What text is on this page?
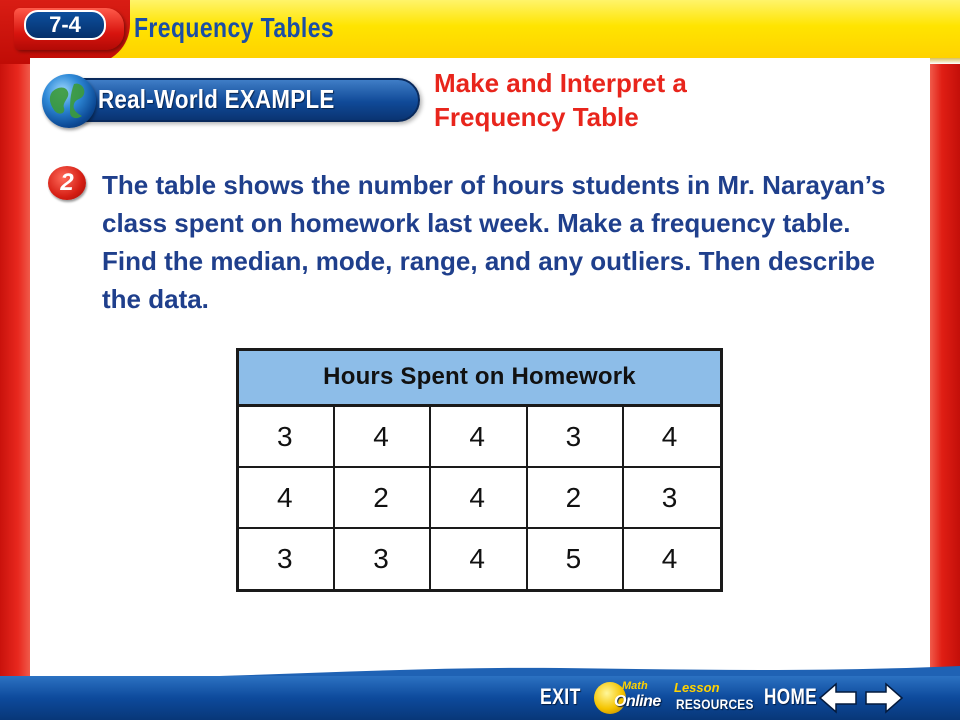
7-4	Frequency Tables
Real-World EXAMPLE
Make and Interpret a
Frequency Table
2	The table shows the number of hours students in Mr. Narayan’s class spent on homework last week. Make a frequency table. Find the median, mode, range, and any outliers. Then describe the data.
Hours Spent on Homework
3	4	4	3	4
4	2	4	2	3
3	3	4	5	4
EXIT	Math
Online
Lesson
RESOURCES HOME
